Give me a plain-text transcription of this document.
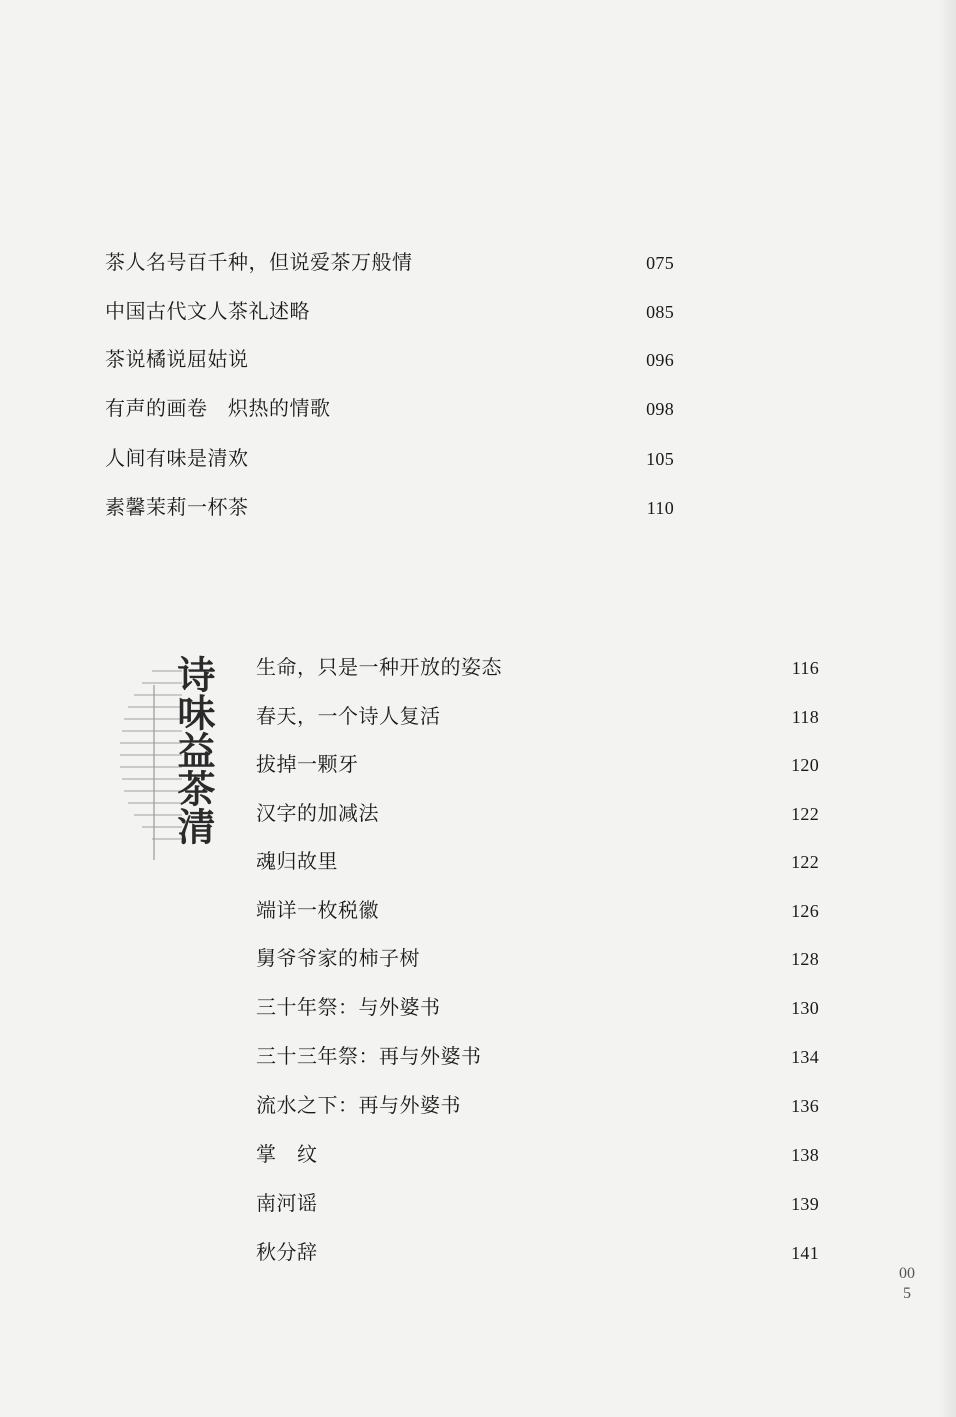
茶人名号百千种，但说爱茶万般情	075
中国古代文人茶礼述略	085
茶说橘说屈姑说	096
有声的画卷　炽热的情歌	098
人间有味是清欢	105
素馨茉莉一杯茶	110
诗味益茶清 生命，只是一种开放的姿态	116
春天，一个诗人复活	118
拔掉一颗牙	120
汉字的加减法	122
魂归故里	122
端详一枚税徽	126
舅爷爷家的柿子树	128
三十年祭：与外婆书	130
三十三年祭：再与外婆书	134
流水之下：再与外婆书	136
掌　纹	138
南河谣	139
秋分辞	141
005
